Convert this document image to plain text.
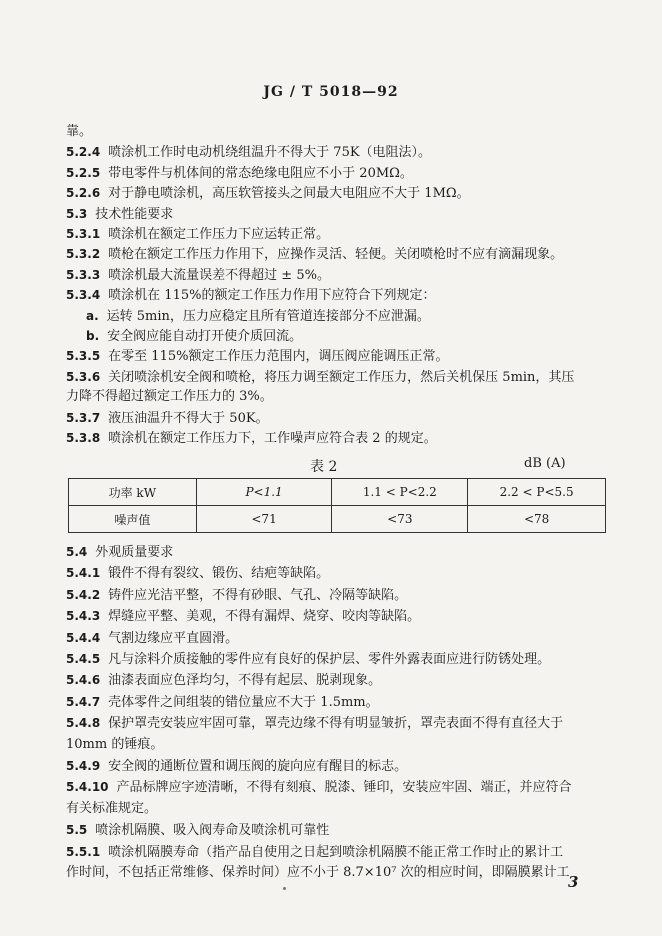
JG / T 5018—92
靠。
5.2.4 喷涂机工作时电动机绕组温升不得大于 75K（电阻法）。
5.2.5 带电零件与机体间的常态绝缘电阻应不小于 20MΩ。
5.2.6 对于静电喷涂机，高压软管接头之间最大电阻应不大于 1MΩ。
5.3 技术性能要求
5.3.1 喷涂机在额定工作压力下应运转正常。
5.3.2 喷枪在额定工作压力作用下，应操作灵活、轻便。关闭喷枪时不应有滴漏现象。
5.3.3 喷涂机最大流量误差不得超过 ± 5%。
5.3.4 喷涂机在 115%的额定工作压力作用下应符合下列规定：
a. 运转 5min，压力应稳定且所有管道连接部分不应泄漏。
b. 安全阀应能自动打开使介质回流。
5.3.5 在零至 115%额定工作压力范围内，调压阀应能调压正常。
5.3.6 关闭喷涂机安全阀和喷枪，将压力调至额定工作压力，然后关机保压 5min，其压
力降不得超过额定工作压力的 3%。
5.3.7 液压油温升不得大于 50K。
5.3.8 喷涂机在额定工作压力下，工作噪声应符合表 2 的规定。
表 2	dB (A)
功率 kW	P<1.1	1.1 < P<2.2	2.2 < P<5.5
噪声值	<71	<73	<78
5.4 外观质量要求
5.4.1 锻件不得有裂纹、锻伤、结疤等缺陷。
5.4.2 铸件应光洁平整，不得有砂眼、气孔、冷隔等缺陷。
5.4.3 焊缝应平整、美观，不得有漏焊、烧穿、咬肉等缺陷。
5.4.4 气割边缘应平直圆滑。
5.4.5 凡与涂料介质接触的零件应有良好的保护层、零件外露表面应进行防锈处理。
5.4.6 油漆表面应色泽均匀，不得有起层、脱剥现象。
5.4.7 壳体零件之间组装的错位量应不大于 1.5mm。
5.4.8 保护罩壳安装应牢固可靠，罩壳边缘不得有明显皱折，罩壳表面不得有直径大于
10mm 的锤痕。
5.4.9 安全阀的通断位置和调压阀的旋向应有醒目的标志。
5.4.10 产品标牌应字迹清晰，不得有刻痕、脱漆、锤印，安装应牢固、端正，并应符合
有关标准规定。
5.5 喷涂机隔膜、吸入阀寿命及喷涂机可靠性
5.5.1 喷涂机隔膜寿命（指产品自使用之日起到喷涂机隔膜不能正常工作时止的累计工
作时间，不包括正常维修、保养时间）应不小于 8.7×10⁷ 次的相应时间，即隔膜累计工
3
